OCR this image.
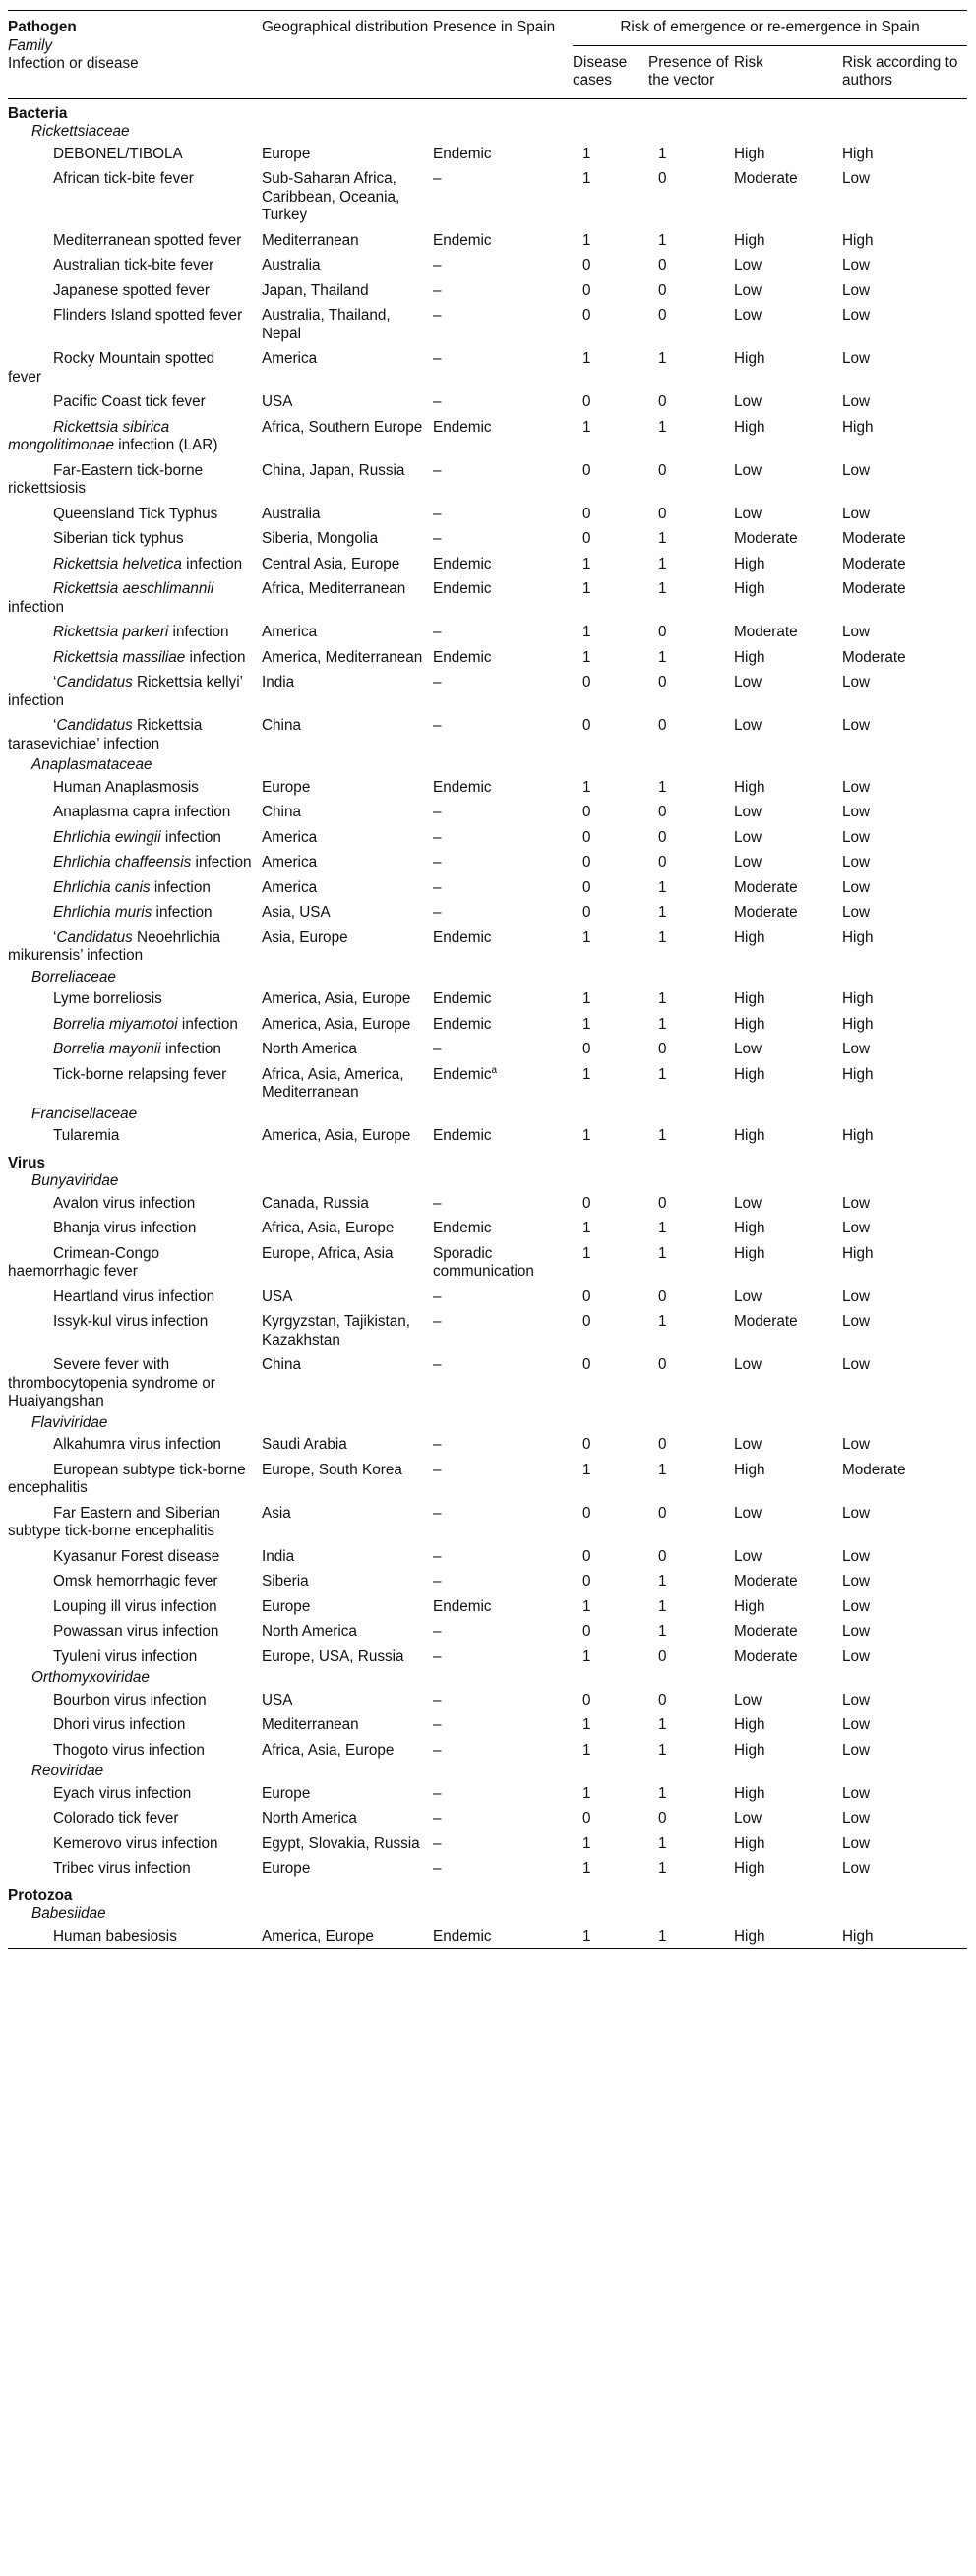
Pathogen
Family
Infection or disease	Geographical distribution	Presence in Spain	Risk of emergence or re-emergence in Spain			
			Disease cases	Presence of the vector	Risk	Risk according to authors
Bacteria						
Rickettsiaceae						
DEBONEL/TIBOLA	Europe	Endemic	1	1	High	High
African tick-bite fever	Sub-Saharan Africa, Caribbean, Oceania, Turkey	–	1	0	Moderate	Low
Mediterranean spotted fever	Mediterranean	Endemic	1	1	High	High
Australian tick-bite fever	Australia	–	0	0	Low	Low
Japanese spotted fever	Japan, Thailand	–	0	0	Low	Low
Flinders Island spotted fever	Australia, Thailand, Nepal	–	0	0	Low	Low
Rocky Mountain spotted fever	America	–	1	1	High	Low
Pacific Coast tick fever	USA	–	0	0	Low	Low
Rickettsia sibirica mongolitimonae infection (LAR)	Africa, Southern Europe	Endemic	1	1	High	High
Far-Eastern tick-borne rickettsiosis	China, Japan, Russia	–	0	0	Low	Low
Queensland Tick Typhus	Australia	–	0	0	Low	Low
Siberian tick typhus	Siberia, Mongolia	–	0	1	Moderate	Moderate
Rickettsia helvetica infection	Central Asia, Europe	Endemic	1	1	High	Moderate
Rickettsia aeschlimannii infection	Africa, Mediterranean	Endemic	1	1	High	Moderate
Rickettsia parkeri infection	America	–	1	0	Moderate	Low
Rickettsia massiliae infection	America, Mediterranean	Endemic	1	1	High	Moderate
‘Candidatus Rickettsia kellyi’ infection	India	–	0	0	Low	Low
‘Candidatus Rickettsia tarasevichiae’ infection	China	–	0	0	Low	Low
Anaplasmataceae						
Human Anaplasmosis	Europe	Endemic	1	1	High	Low
Anaplasma capra infection	China	–	0	0	Low	Low
Ehrlichia ewingii infection	America	–	0	0	Low	Low
Ehrlichia chaffeensis infection	America	–	0	0	Low	Low
Ehrlichia canis infection	America	–	0	1	Moderate	Low
Ehrlichia muris infection	Asia, USA	–	0	1	Moderate	Low
‘Candidatus Neoehrlichia mikurensis’ infection	Asia, Europe	Endemic	1	1	High	High
Borreliaceae						
Lyme borreliosis	America, Asia, Europe	Endemic	1	1	High	High
Borrelia miyamotoi infection	America, Asia, Europe	Endemic	1	1	High	High
Borrelia mayonii infection	North America	–	0	0	Low	Low
Tick-borne relapsing fever	Africa, Asia, America, Mediterranean	Endemic$^a$	1	1	High	High
Francisellaceae						
Tularemia	America, Asia, Europe	Endemic	1	1	High	High
Virus						
Bunyaviridae						
Avalon virus infection	Canada, Russia	–	0	0	Low	Low
Bhanja virus infection	Africa, Asia, Europe	Endemic	1	1	High	Low
Crimean-Congo haemorrhagic fever	Europe, Africa, Asia	Sporadic communication	1	1	High	High
Heartland virus infection	USA	–	0	0	Low	Low
Issyk-kul virus infection	Kyrgyzstan, Tajikistan, Kazakhstan	–	0	1	Moderate	Low
Severe fever with thrombocytopenia syndrome or Huaiyangshan	China	–	0	0	Low	Low
Flaviviridae						
Alkahumra virus infection	Saudi Arabia	–	0	0	Low	Low
European subtype tick-borne encephalitis	Europe, South Korea	–	1	1	High	Moderate
Far Eastern and Siberian subtype tick-borne encephalitis	Asia	–	0	0	Low	Low
Kyasanur Forest disease	India	–	0	0	Low	Low
Omsk hemorrhagic fever	Siberia	–	0	1	Moderate	Low
Louping ill virus infection	Europe	Endemic	1	1	High	Low
Powassan virus infection	North America	–	0	1	Moderate	Low
Tyuleni virus infection	Europe, USA, Russia	–	1	0	Moderate	Low
Orthomyxoviridae						
Bourbon virus infection	USA	–	0	0	Low	Low
Dhori virus infection	Mediterranean	–	1	1	High	Low
Thogoto virus infection	Africa, Asia, Europe	–	1	1	High	Low
Reoviridae						
Eyach virus infection	Europe	–	1	1	High	Low
Colorado tick fever	North America	–	0	0	Low	Low
Kemerovo virus infection	Egypt, Slovakia, Russia	–	1	1	High	Low
Tribec virus infection	Europe	–	1	1	High	Low
Protozoa						
Babesiidae						
Human babesiosis	America, Europe	Endemic	1	1	High	High
